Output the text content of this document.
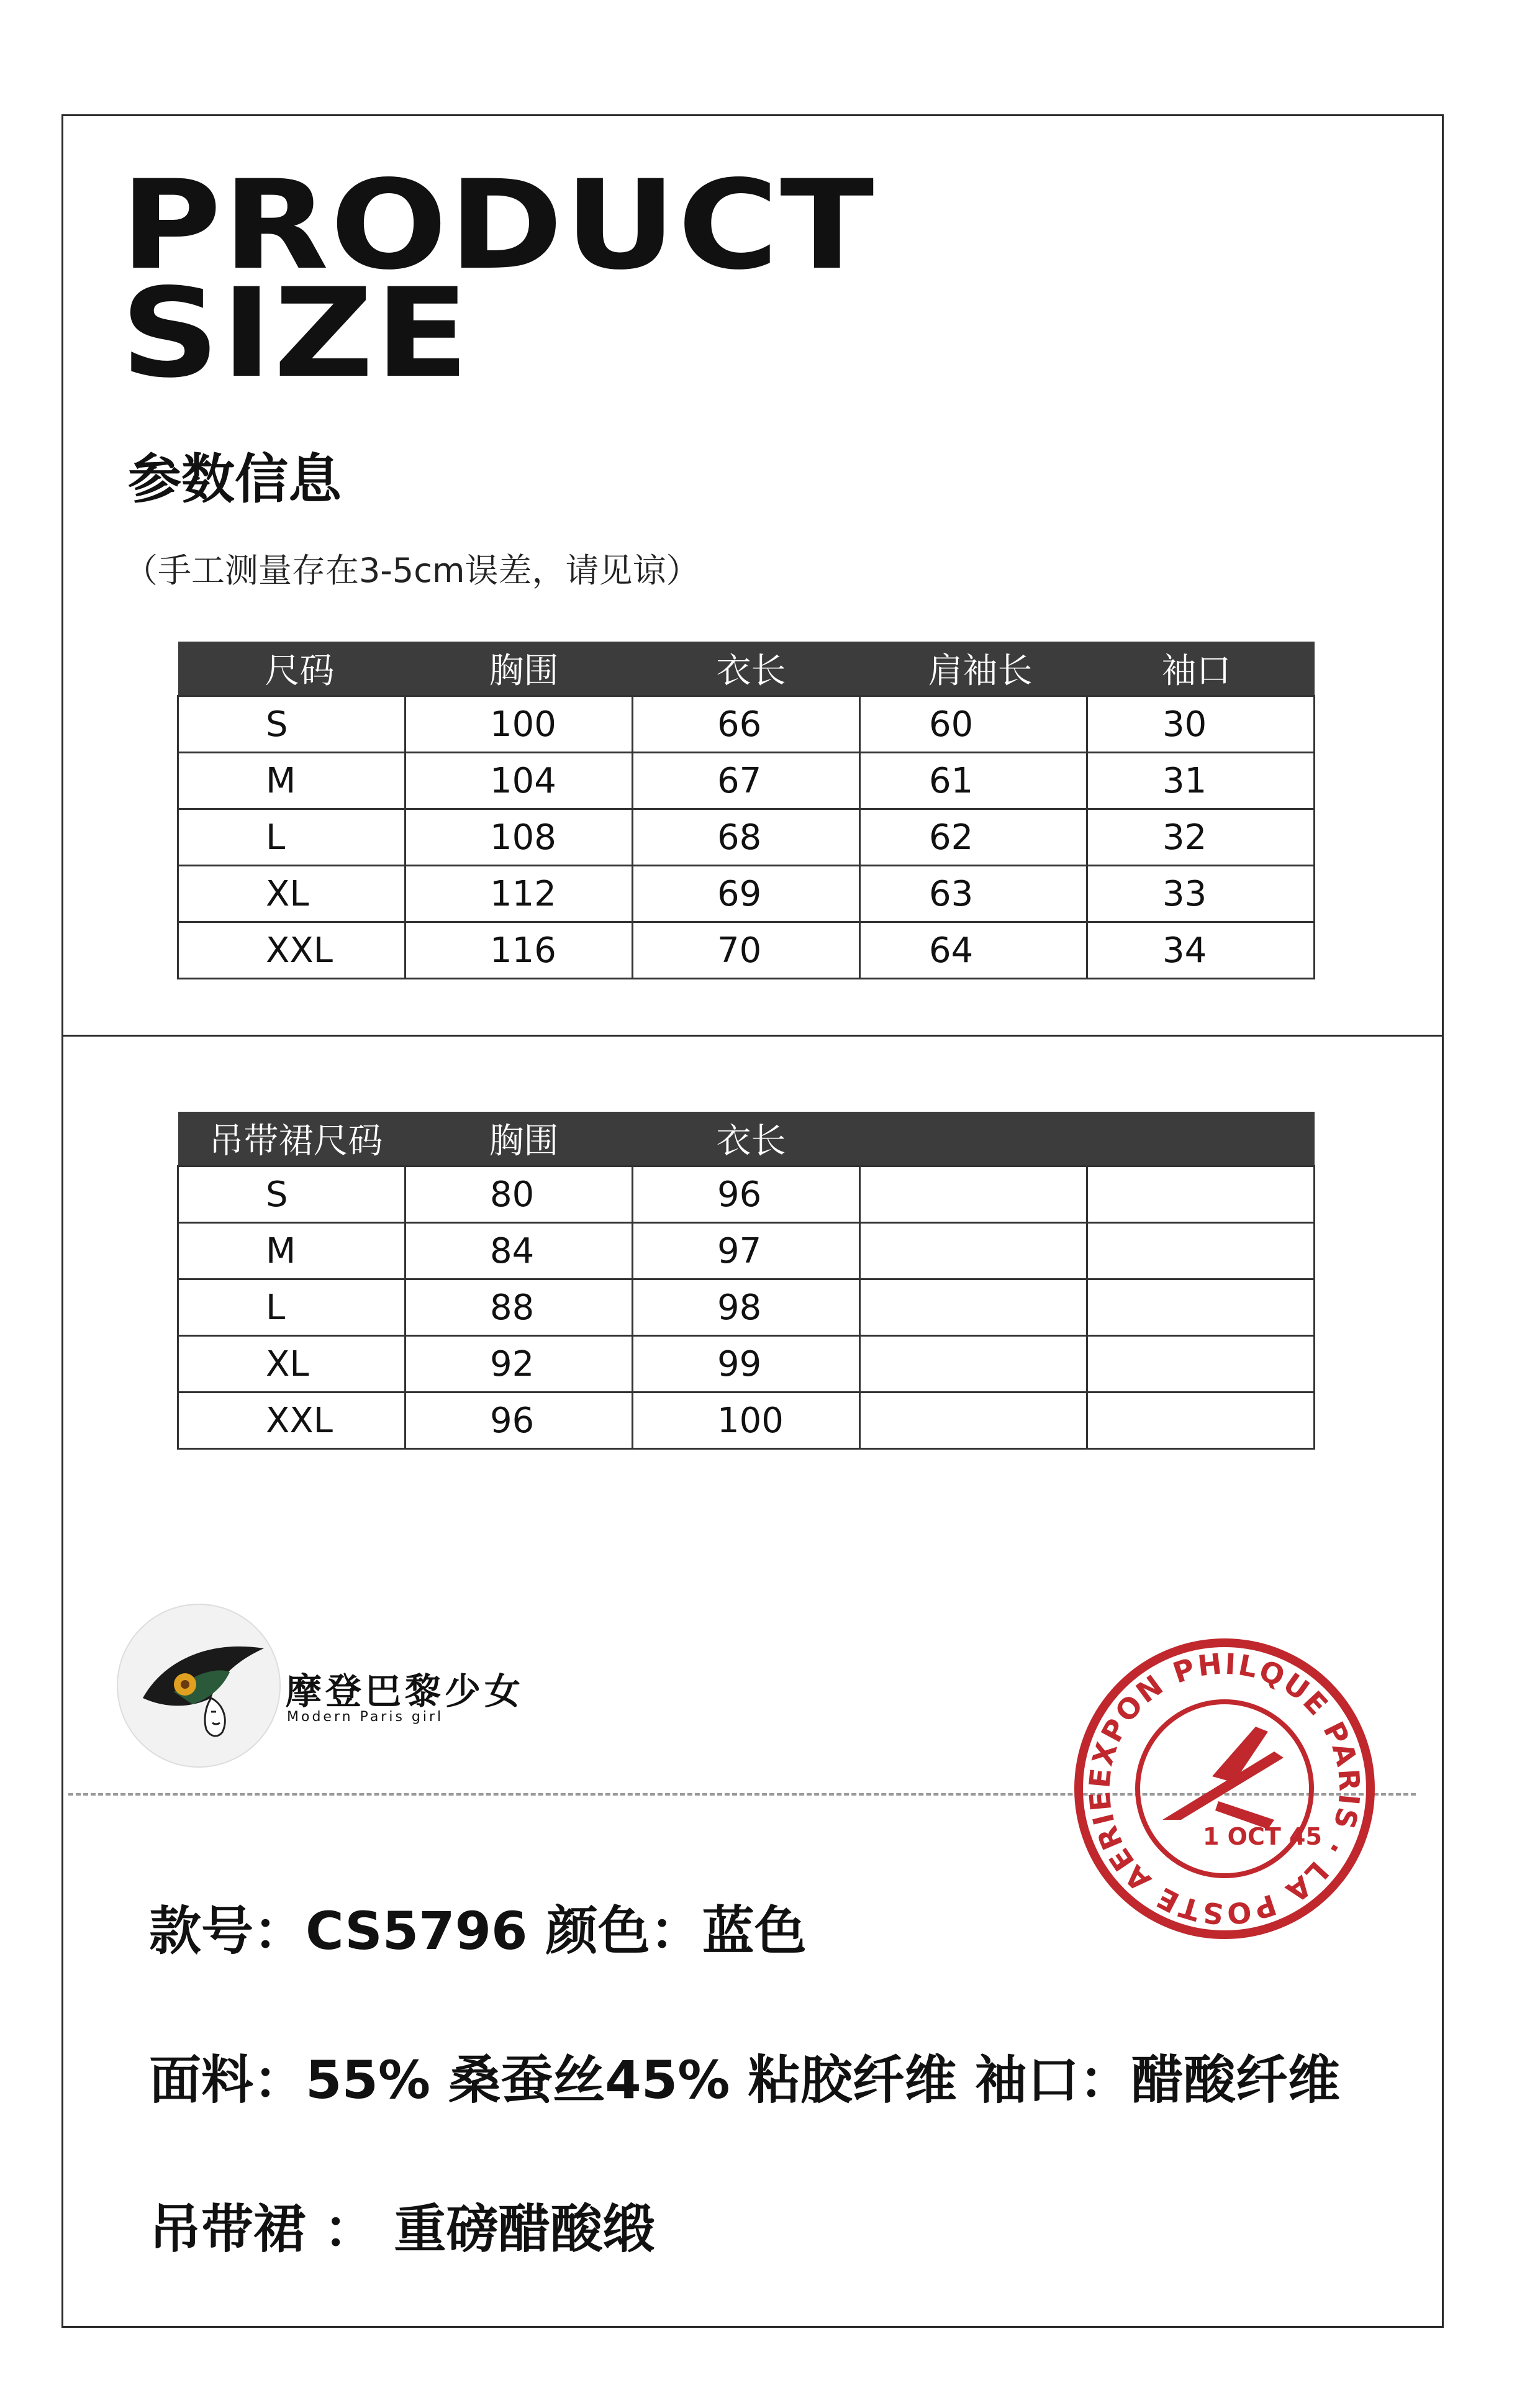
PRODUCT
SIZE
参数信息
（手工测量存在3-5cm误差，请见谅）
尺码	胸围	衣长	肩袖长	袖口
S	100	66	60	30
M	104	67	61	31
L	108	68	62	32
XL	112	69	63	33
XXL	116	70	64	34
吊带裙尺码	胸围	衣长		
S	80	96		
M	84	97		
L	88	98		
XL	92	99		
XXL	96	100		
摩登巴黎少女
Modern Paris girl
EXPON PHILQUE PARIS · LA POSTE AERIE
1 OCT 45
款号：CS5796 颜色：蓝色
面料：55% 桑蚕丝45% 粘胶纤维 袖口：醋酸纤维
吊带裙 ： 重磅醋酸缎
